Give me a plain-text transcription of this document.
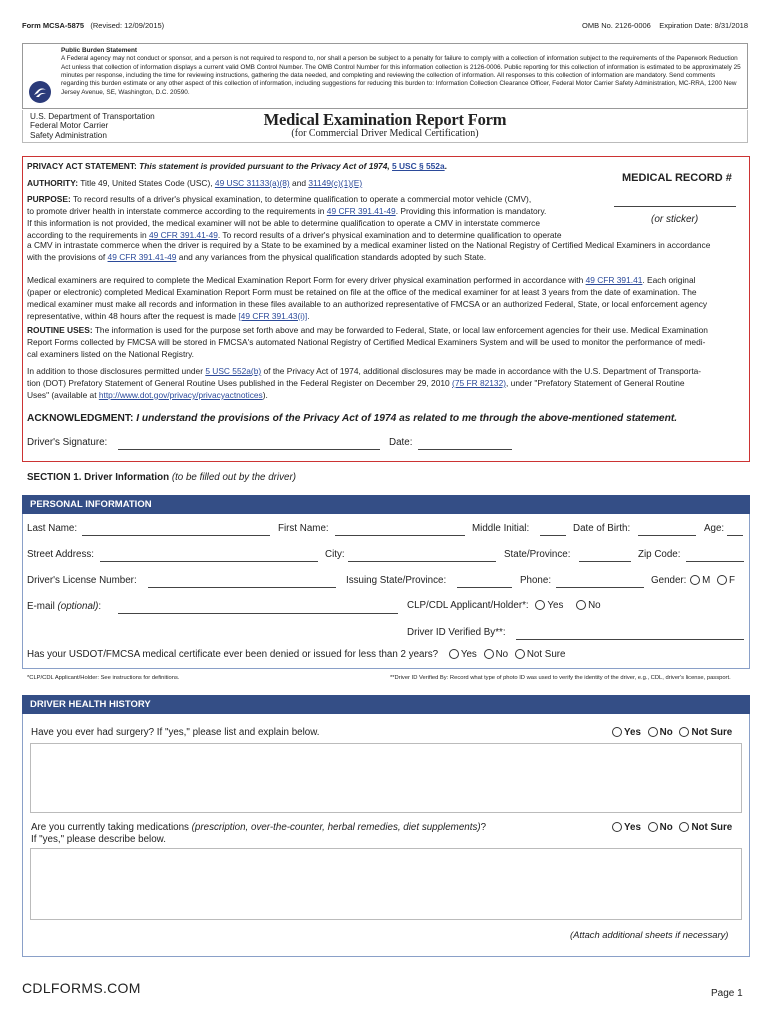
Form MCSA-5875 (Revised: 12/09/2015)	OMB No. 2126-0006 Expiration Date: 8/31/2018
Public Burden Statement
A Federal agency may not conduct or sponsor, and a person is not required to respond to, nor shall a person be subject to a penalty for failure to comply with a collection of information subject to the requirements of the Paperwork Reduction Act unless that collection of information displays a current valid OMB Control Number. The OMB Control Number for this information collection is 2126-0006. Public reporting for this collection of information is estimated to be approximately 25 minutes per response, including the time for reviewing instructions, gathering the data needed, and completing and reviewing the collection of information. All responses to this collection of information are mandatory. Send comments regarding this burden estimate or any other aspect of this collection of information, including suggestions for reducing this burden to: Information Collection Clearance Officer, Federal Motor Carrier Safety Administration, MC-RRA, 1200 New Jersey Avenue, SE, Washington, D.C. 20590.
U.S. Department of Transportation
Federal Motor Carrier
Safety Administration
Medical Examination Report Form
(for Commercial Driver Medical Certification)
PRIVACY ACT STATEMENT: This statement is provided pursuant to the Privacy Act of 1974, 5 USC § 552a.
AUTHORITY: Title 49, United States Code (USC), 49 USC 31133(a)(8) and 31149(c)(1)(E)	MEDICAL RECORD #
(or sticker)
PURPOSE: To record results of a driver's physical examination, to determine qualification to operate a commercial motor vehicle (CMV),
to promote driver health in interstate commerce according to the requirements in 49 CFR 391.41-49. Providing this information is mandatory.
If this information is not provided, the medical examiner will not be able to determine qualification to operate a CMV in interstate commerce
according to the requirements in 49 CFR 391.41-49. To record results of a driver's physical examination and to determine qualification to operate
a CMV in intrastate commerce when the driver is required by a State to be examined by a medical examiner listed on the National Registry of Certified Medical Examiners in accordance
with the provisions of 49 CFR 391.41-49 and any variances from the physical qualification standards adopted by such State.
Medical examiners are required to complete the Medical Examination Report Form for every driver physical examination performed in accordance with 49 CFR 391.41. Each original
(paper or electronic) completed Medical Examination Report Form must be retained on file at the office of the medical examiner for at least 3 years from the date of examination. The
medical examiner must make all records and information in these files available to an authorized representative of FMCSA or an authorized Federal, State, or local enforcement agency
representative, within 48 hours after the request is made [49 CFR 391.43(i)].
ROUTINE USES: The information is used for the purpose set forth above and may be forwarded to Federal, State, or local law enforcement agencies for their use. Medical Examination
Report Forms collected by FMCSA will be stored in FMCSA's automated National Registry of Certified Medical Examiners System and will be used to monitor the performance of medi-
cal examiners listed on the National Registry.
In addition to those disclosures permitted under 5 USC 552a(b) of the Privacy Act of 1974, additional disclosures may be made in accordance with the U.S. Department of Transporta-
tion (DOT) Prefatory Statement of General Routine Uses published in the Federal Register on December 29, 2010 (75 FR 82132), under "Prefatory Statement of General Routine
Uses" (available at http://www.dot.gov/privacy/privacyactnotices).
ACKNOWLEDGMENT: I understand the provisions of the Privacy Act of 1974 as related to me through the above-mentioned statement.
Driver's Signature:	Date:
SECTION 1. Driver Information (to be filled out by the driver)
PERSONAL INFORMATION
Last Name:	First Name:	Middle Initial:	Date of Birth:	Age:
Street Address:	City:	State/Province:	Zip Code:
Driver's License Number:	Issuing State/Province:	Phone:	Gender: M F
E-mail (optional):	CLP/CDL Applicant/Holder*: Yes	No
Driver ID Verified By**:
Has your USDOT/FMCSA medical certificate ever been denied or issued for less than 2 years? Yes No Not Sure
*CLP/CDL Applicant/Holder: See instructions for definitions.	**Driver ID Verified By: Record what type of photo ID was used to verify the identity of the driver, e.g., CDL, driver's license, passport.
DRIVER HEALTH HISTORY
Have you ever had surgery? If "yes," please list and explain below.	Yes No Not Sure
Are you currently taking medications (prescription, over-the-counter, herbal remedies, diet supplements)?
If "yes," please describe below.
Yes No Not Sure
(Attach additional sheets if necessary)
CDLFORMS.COM	Page 1
